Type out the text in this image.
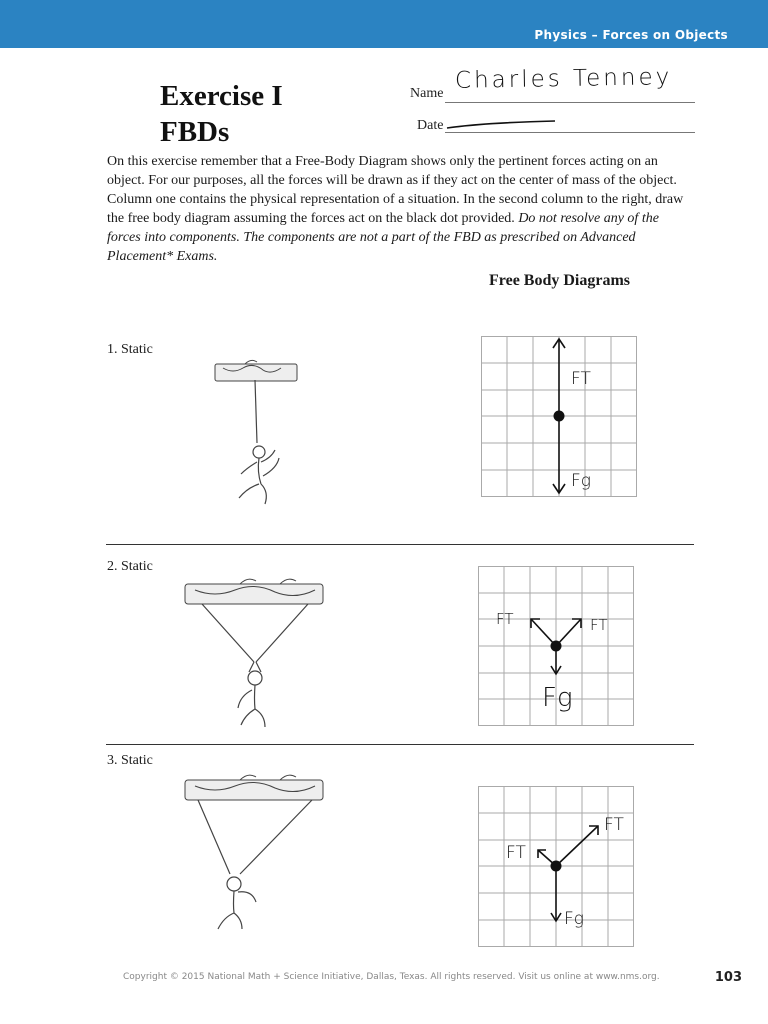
Physics – Forces on Objects
Exercise I
FBDs
Name Charles Tenney
Date
On this exercise remember that a Free-Body Diagram shows only the pertinent forces acting on an object. For our purposes, all the forces will be drawn as if they act on the center of mass of the object. Column one contains the physical representation of a situation. In the second column to the right, draw the free body diagram assuming the forces act on the black dot provided. Do not resolve any of the forces into components. The components are not a part of the FBD as prescribed on Advanced Placement* Exams.
Free Body Diagrams
1. Static
FT
Fg
2. Static
FT	FT
Fg
3. Static
FT
FT
Fg
Copyright © 2015 National Math + Science Initiative, Dallas, Texas. All rights reserved. Visit us online at www.nms.org.	103
